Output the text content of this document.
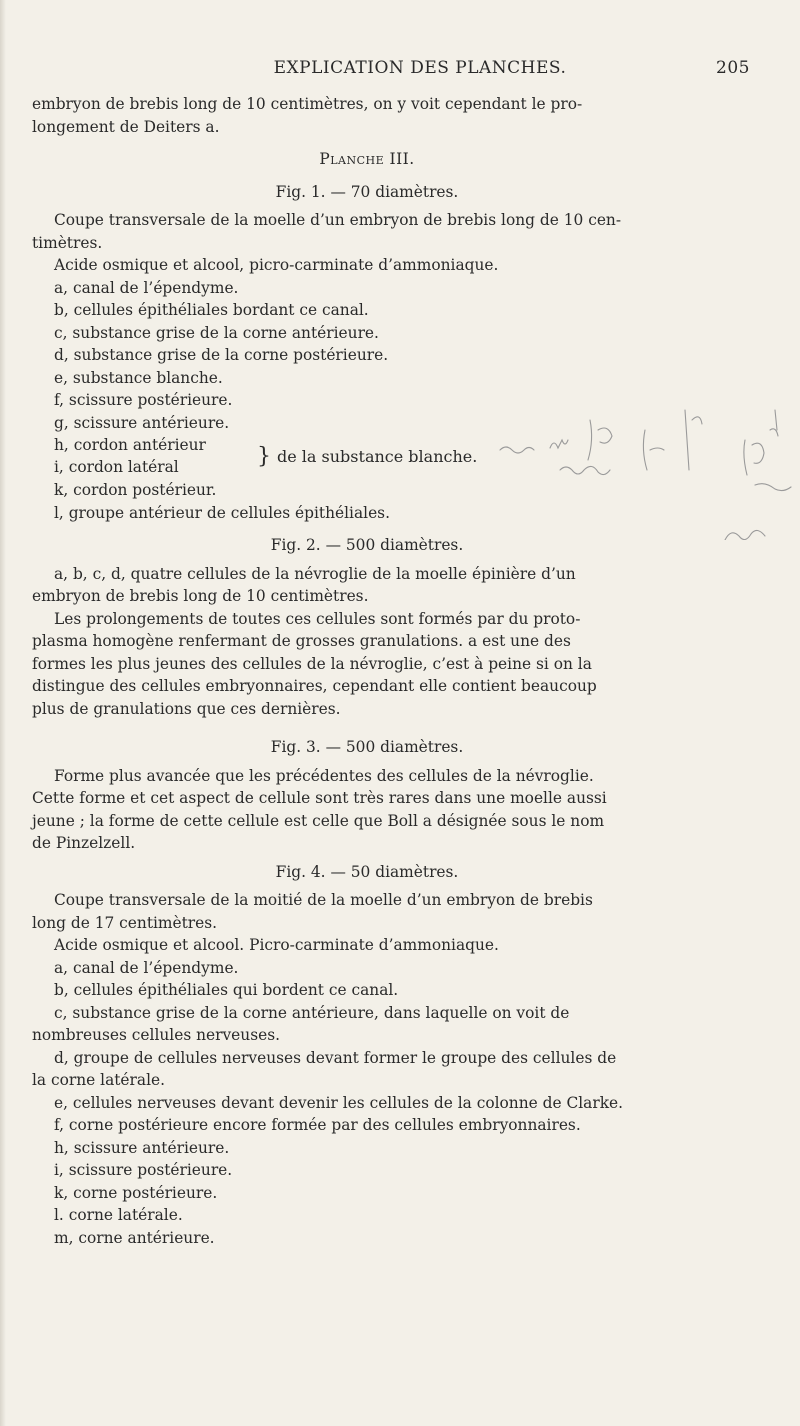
EXPLICATION DES PLANCHES.	205

embryon de brebis long de 10 centimètres, on y voit cependant le pro-

longement de Deiters a.

Planche III.

Fig. 1. — 70 diamètres.

Coupe transversale de la moelle d’un embryon de brebis long de 10 cen-

timètres.

Acide osmique et alcool, picro-carminate d’ammoniaque.

a, canal de l’épendyme.

b, cellules épithéliales bordant ce canal.

c, substance grise de la corne antérieure.

d, substance grise de la corne postérieure.

e, substance blanche.

f, scissure postérieure.

g, scissure antérieure.

h, cordon antérieur
i, cordon latéral	} de la substance blanche.

k, cordon postérieur.

l, groupe antérieur de cellules épithéliales.

Fig. 2. — 500 diamètres.

a, b, c, d, quatre cellules de la névroglie de la moelle épinière d’un

embryon de brebis long de 10 centimètres.

Les prolongements de toutes ces cellules sont formés par du proto-

plasma homogène renfermant de grosses granulations. a est une des

formes les plus jeunes des cellules de la névroglie, c’est à peine si on la

distingue des cellules embryonnaires, cependant elle contient beaucoup

plus de granulations que ces dernières.

Fig. 3. — 500 diamètres.

Forme plus avancée que les précédentes des cellules de la névroglie.

Cette forme et cet aspect de cellule sont très rares dans une moelle aussi

jeune ; la forme de cette cellule est celle que Boll a désignée sous le nom

de Pinzelzell.

Fig. 4. — 50 diamètres.

Coupe transversale de la moitié de la moelle d’un embryon de brebis

long de 17 centimètres.

Acide osmique et alcool. Picro-carminate d’ammoniaque.

a, canal de l’épendyme.

b, cellules épithéliales qui bordent ce canal.

c, substance grise de la corne antérieure, dans laquelle on voit de

nombreuses cellules nerveuses.

d, groupe de cellules nerveuses devant former le groupe des cellules de

la corne latérale.

e, cellules nerveuses devant devenir les cellules de la colonne de Clarke.

f, corne postérieure encore formée par des cellules embryonnaires.

h, scissure antérieure.

i, scissure postérieure.

k, corne postérieure.

l. corne latérale.

m, corne antérieure.
